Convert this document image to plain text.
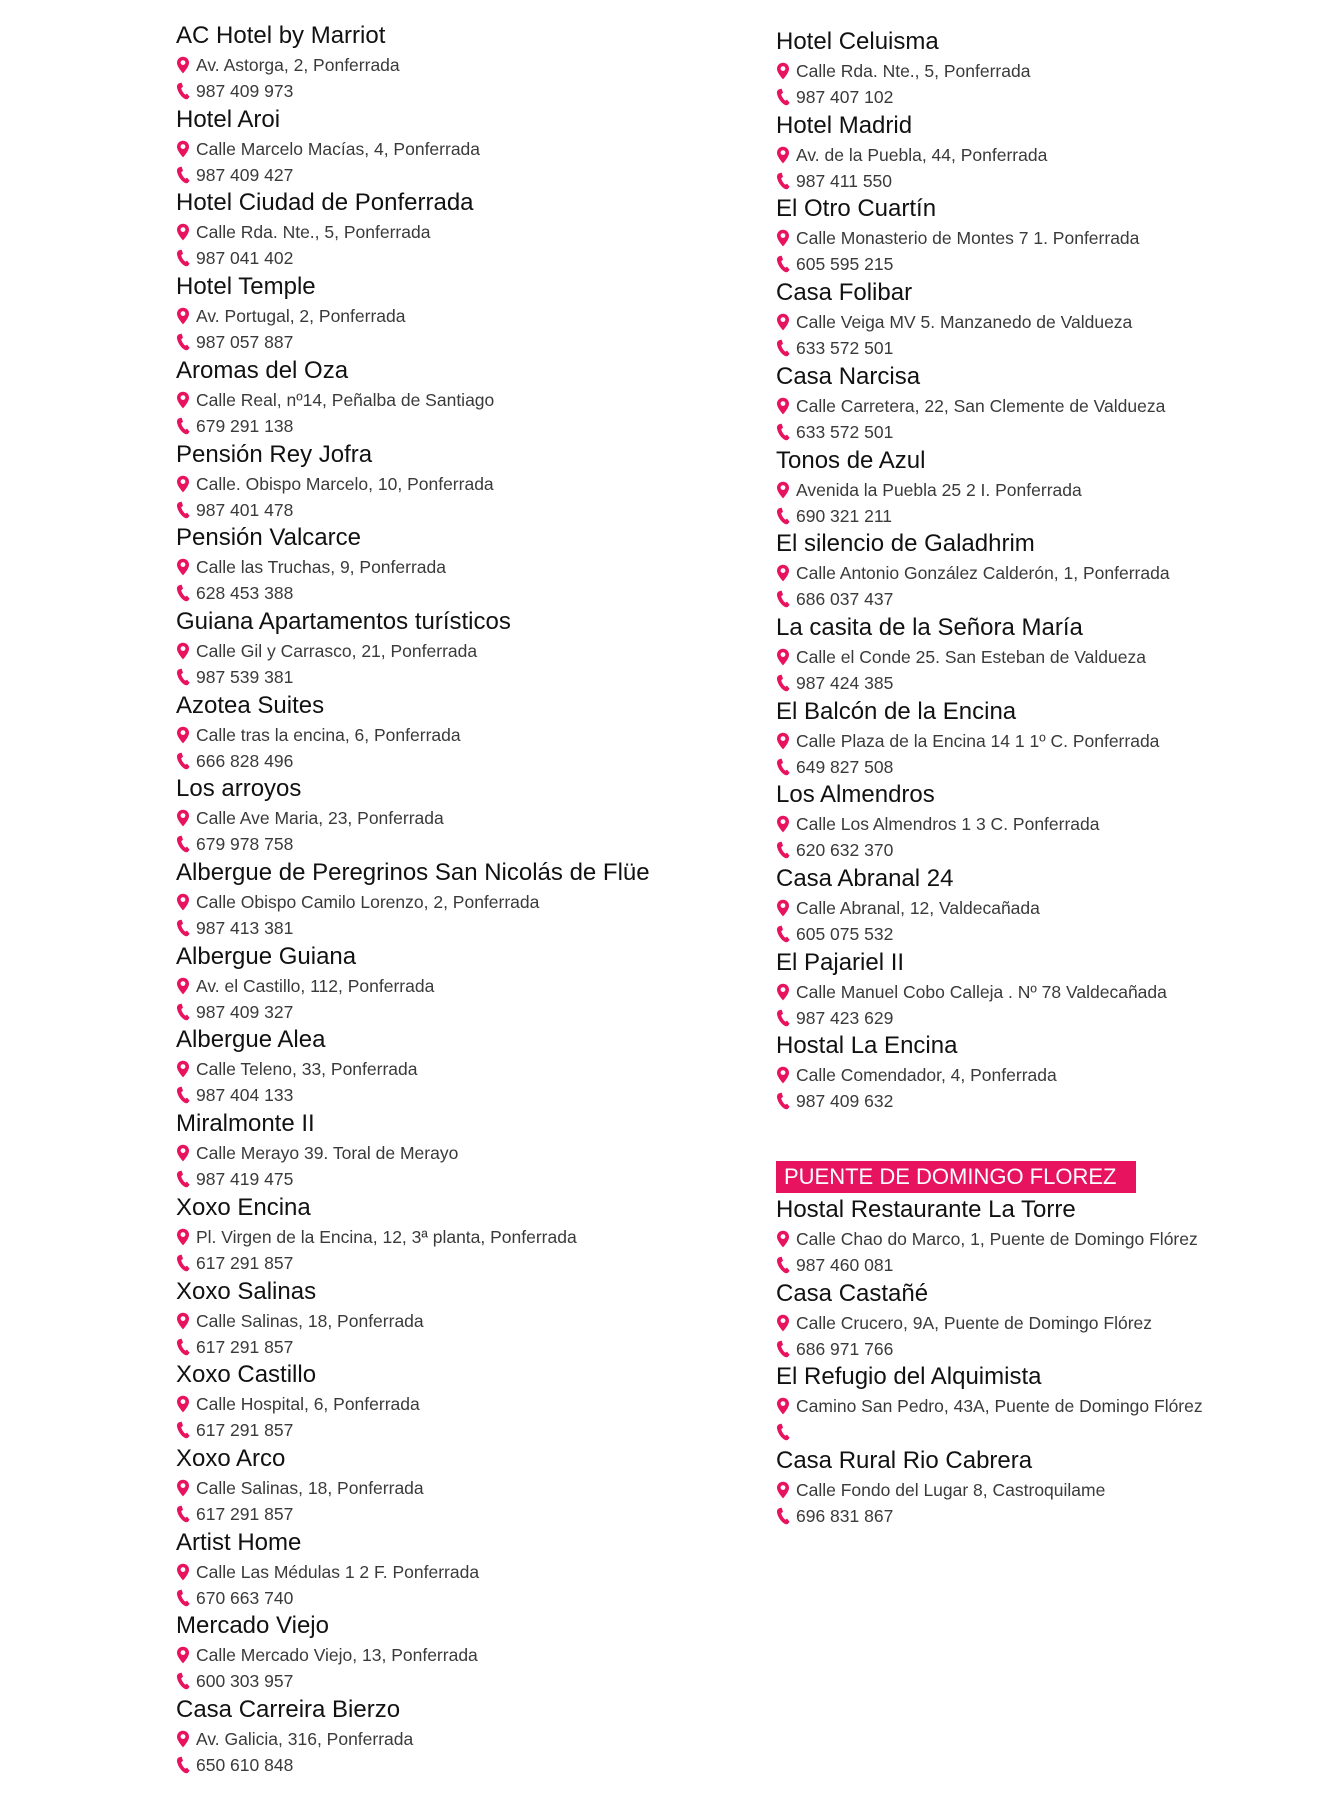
AC Hotel by Marriot
Av. Astorga, 2, Ponferrada
987 409 973
Hotel Aroi
Calle Marcelo Macías, 4, Ponferrada
987 409 427
Hotel Ciudad de Ponferrada
Calle Rda. Nte., 5, Ponferrada
987 041 402
Hotel Temple
Av. Portugal, 2, Ponferrada
987 057 887
Aromas del Oza
Calle Real, nº14, Peñalba de Santiago
679 291 138
Pensión Rey Jofra
Calle. Obispo Marcelo, 10, Ponferrada
987 401 478
Pensión Valcarce
Calle las Truchas, 9, Ponferrada
628 453 388
Guiana Apartamentos turísticos
Calle Gil y Carrasco, 21, Ponferrada
987 539 381
Azotea Suites
Calle tras la encina, 6, Ponferrada
666 828 496
Los arroyos
Calle Ave Maria, 23, Ponferrada
679 978 758
Albergue de Peregrinos San Nicolás de Flüe
Calle Obispo Camilo Lorenzo, 2, Ponferrada
987 413 381
Albergue Guiana
Av. el Castillo, 112, Ponferrada
987 409 327
Albergue Alea
Calle Teleno, 33, Ponferrada
987 404 133
Miralmonte II
Calle Merayo 39. Toral de Merayo
987 419 475
Xoxo Encina
Pl. Virgen de la Encina, 12, 3ª planta, Ponferrada
617 291 857
Xoxo Salinas
Calle Salinas, 18, Ponferrada
617 291 857
Xoxo Castillo
Calle Hospital, 6, Ponferrada
617 291 857
Xoxo Arco
Calle Salinas, 18, Ponferrada
617 291 857
Artist Home
Calle Las Médulas 1 2 F. Ponferrada
670 663 740
Mercado Viejo
Calle Mercado Viejo, 13, Ponferrada
600 303 957
Casa Carreira Bierzo
Av. Galicia, 316, Ponferrada
650 610 848
PUENTE DE DOMINGO FLOREZ
Hotel Celuisma
Calle Rda. Nte., 5, Ponferrada
987 407 102
Hotel Madrid
Av. de la Puebla, 44, Ponferrada
987 411 550
El Otro Cuartín
Calle Monasterio de Montes 7 1. Ponferrada
605 595 215
Casa Folibar
Calle Veiga MV 5. Manzanedo de Valdueza
633 572 501
Casa Narcisa
Calle Carretera, 22, San Clemente de Valdueza
633 572 501
Tonos de Azul
Avenida la Puebla 25 2 I. Ponferrada
690 321 211
El silencio de Galadhrim
Calle Antonio González Calderón, 1, Ponferrada
686 037 437
La casita de la Señora María
Calle el Conde 25. San Esteban de Valdueza
987 424 385
El Balcón de la Encina
Calle Plaza de la Encina 14 1 1º C. Ponferrada
649 827 508
Los Almendros
Calle Los Almendros 1 3 C. Ponferrada
620 632 370
Casa Abranal 24
Calle Abranal, 12, Valdecañada
605 075 532
El Pajariel II
Calle Manuel Cobo Calleja . Nº 78 Valdecañada
987 423 629
Hostal La Encina
Calle Comendador, 4, Ponferrada
987 409 632
Hostal Restaurante La Torre
Calle Chao do Marco, 1, Puente de Domingo Flórez
987 460 081
Casa Castañé
Calle Crucero, 9A, Puente de Domingo Flórez
686 971 766
El Refugio del Alquimista
Camino San Pedro, 43A, Puente de Domingo Flórez
Casa Rural Rio Cabrera
Calle Fondo del Lugar 8, Castroquilame
696 831 867
